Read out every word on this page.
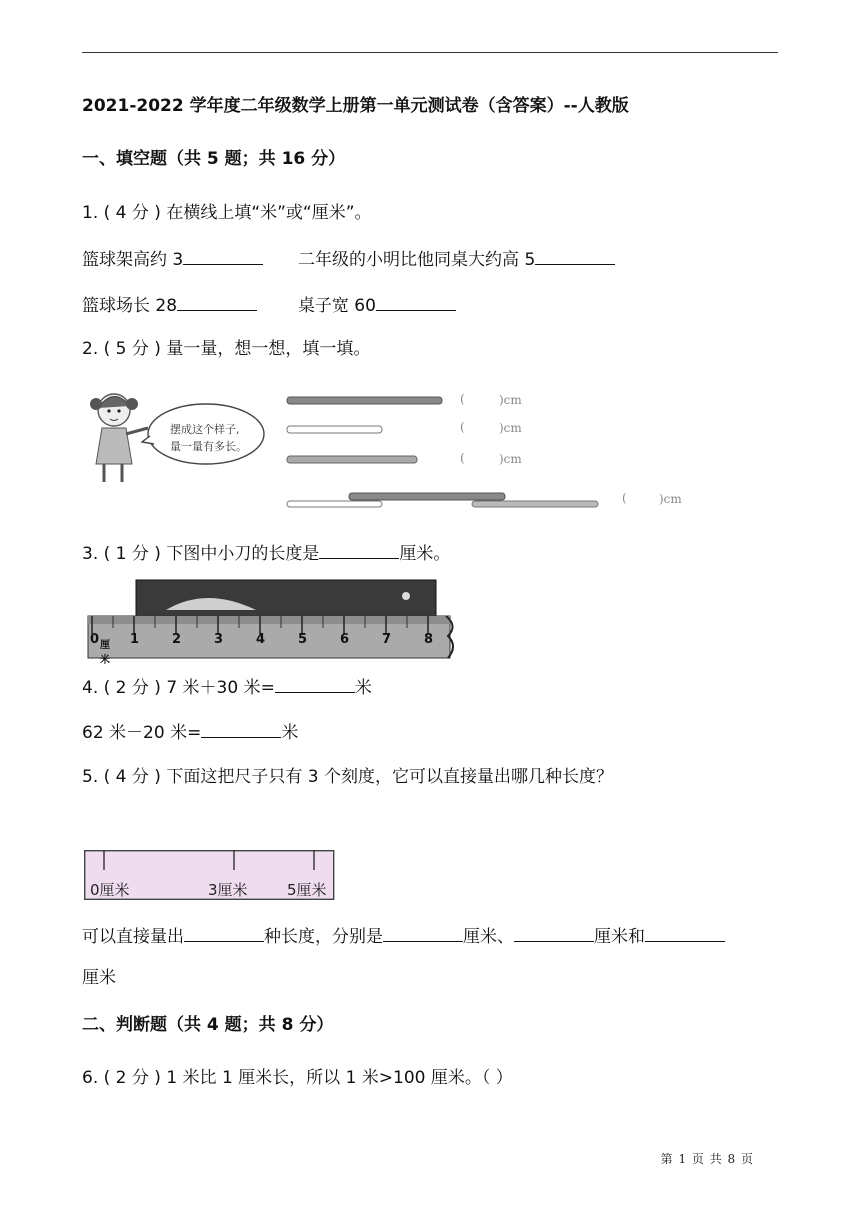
2021-2022 学年度二年级数学上册第一单元测试卷（含答案）--人教版
一、填空题（共 5 题；共 16 分）
1. ( 4 分 ) 在横线上填“米”或“厘米”。
篮球架高约 3	二年级的小明比他同桌大约高 5
篮球场长 28	桌子宽 60
2. ( 5 分 ) 量一量，想一想，填一填。
摆成这个样子,
量一量有多长。
(	)cm
(	)cm
(	)cm
(	)cm
3. ( 1 分 ) 下图中小刀的长度是	厘米。
0 厘米
1	2	3	4	5	6	7	8
4. ( 2 分 ) 7 米＋30 米=	米
62 米－20 米=	米
5. ( 4 分 ) 下面这把尺子只有 3 个刻度，它可以直接量出哪几种长度？
0厘米	3厘米	5厘米
可以直接量出	种长度，分别是	厘米、	厘米和
厘米
二、判断题（共 4 题；共 8 分）
6. ( 2 分 ) 1 米比 1 厘米长，所以 1 米>100 厘米。（ ）
第 1 页 共 8 页
